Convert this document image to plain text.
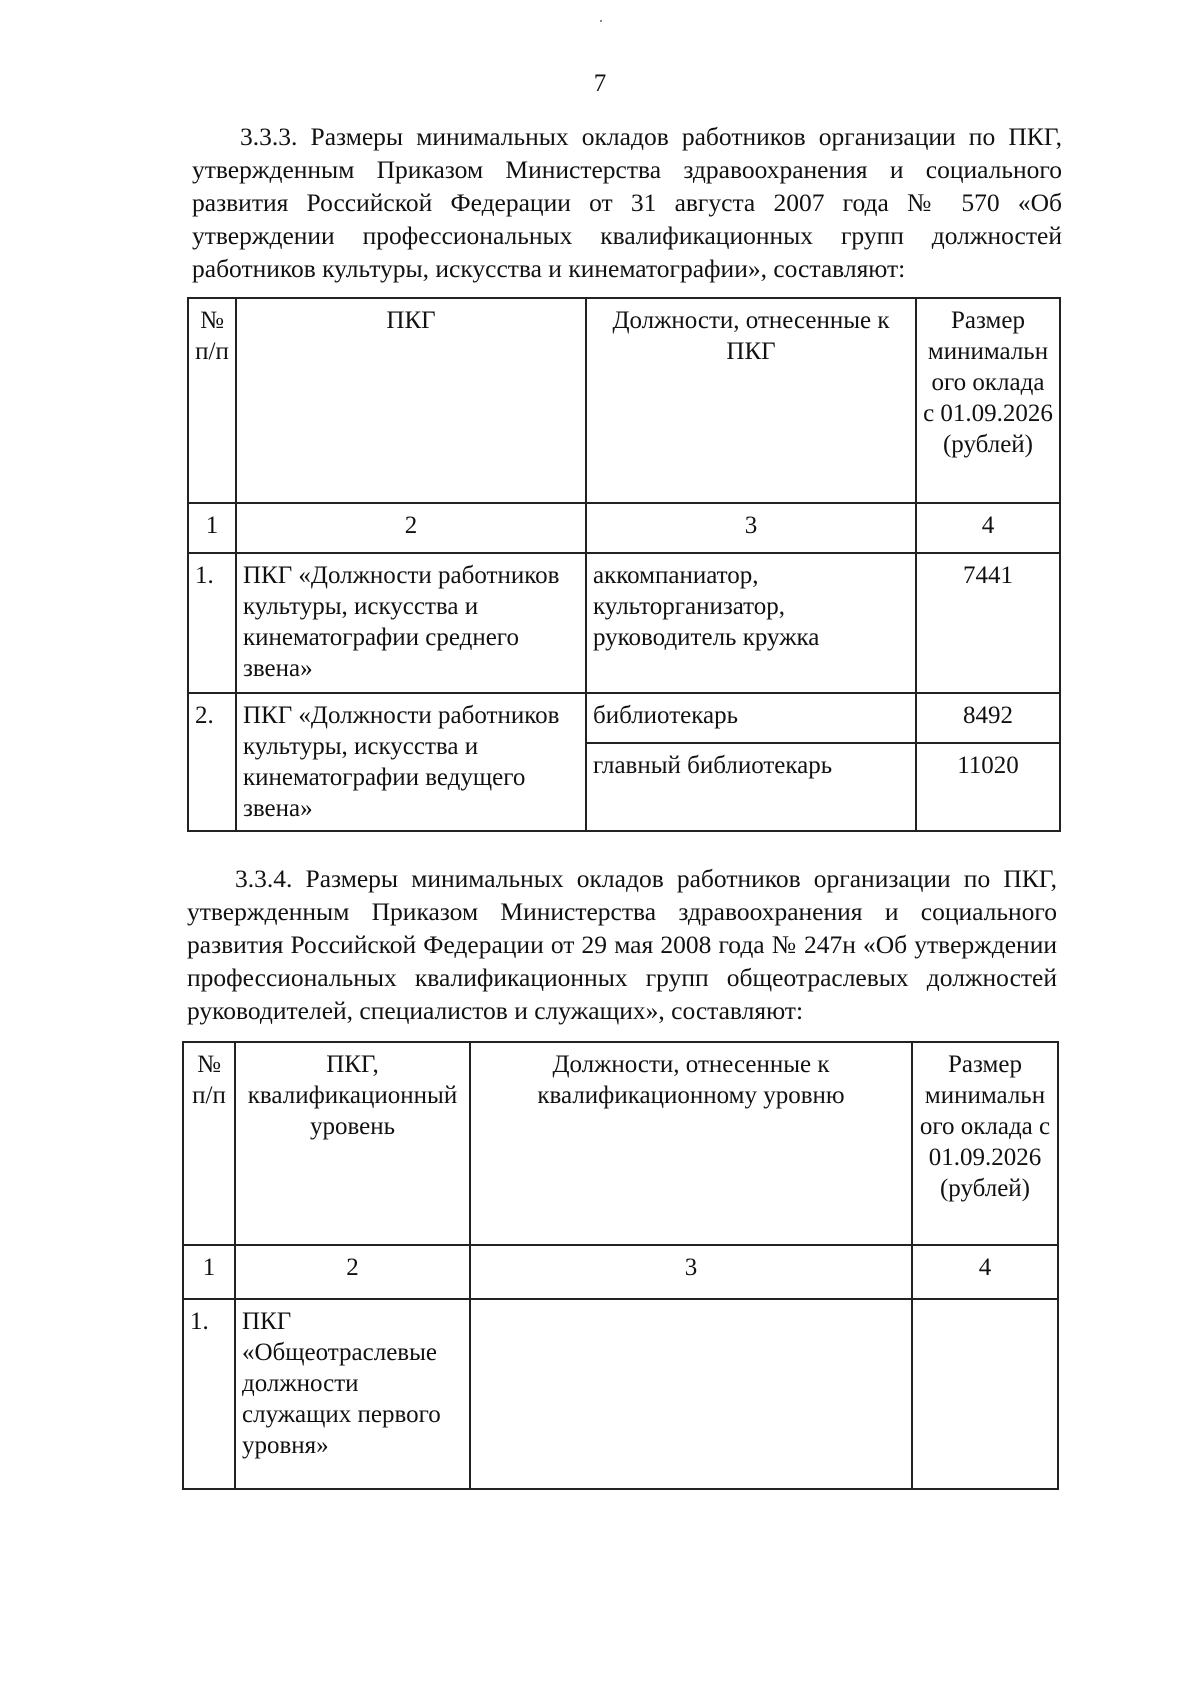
7
3.3.3. Размеры минимальных окладов работников организации по ПКГ,
утвержденным Приказом Министерства здравоохранения и социального
развития Российской Федерации от 31 августа 2007 года № 570 «Об
утверждении профессиональных квалификационных групп должностей
работников культуры, искусства и кинематографии», составляют:
№ п/п	ПКГ	Должности, отнесенные к ПКГ	Размер минимальн ого оклада с 01.09.2026 (рублей)
1	2	3	4
1.	ПКГ «Должности работников культуры, искусства и кинематографии среднего звена»	аккомпаниатор, культорганизатор, руководитель кружка	7441
2.	ПКГ «Должности работников культуры, искусства и кинематографии ведущего звена»	библиотекарь	8492
		главный библиотекарь	11020
3.3.4. Размеры минимальных окладов работников организации по ПКГ,
утвержденным Приказом Министерства здравоохранения и социального
развития Российской Федерации от 29 мая 2008 года № 247н «Об утверждении
профессиональных квалификационных групп общеотраслевых должностей
руководителей, специалистов и служащих», составляют:
№ п/п	ПКГ, квалификационный уровень	Должности, отнесенные к квалификационному уровню	Размер минимальн ого оклада с 01.09.2026 (рублей)
1	2	3	4
1.	ПКГ «Общеотраслевые должности служащих первого уровня»		
